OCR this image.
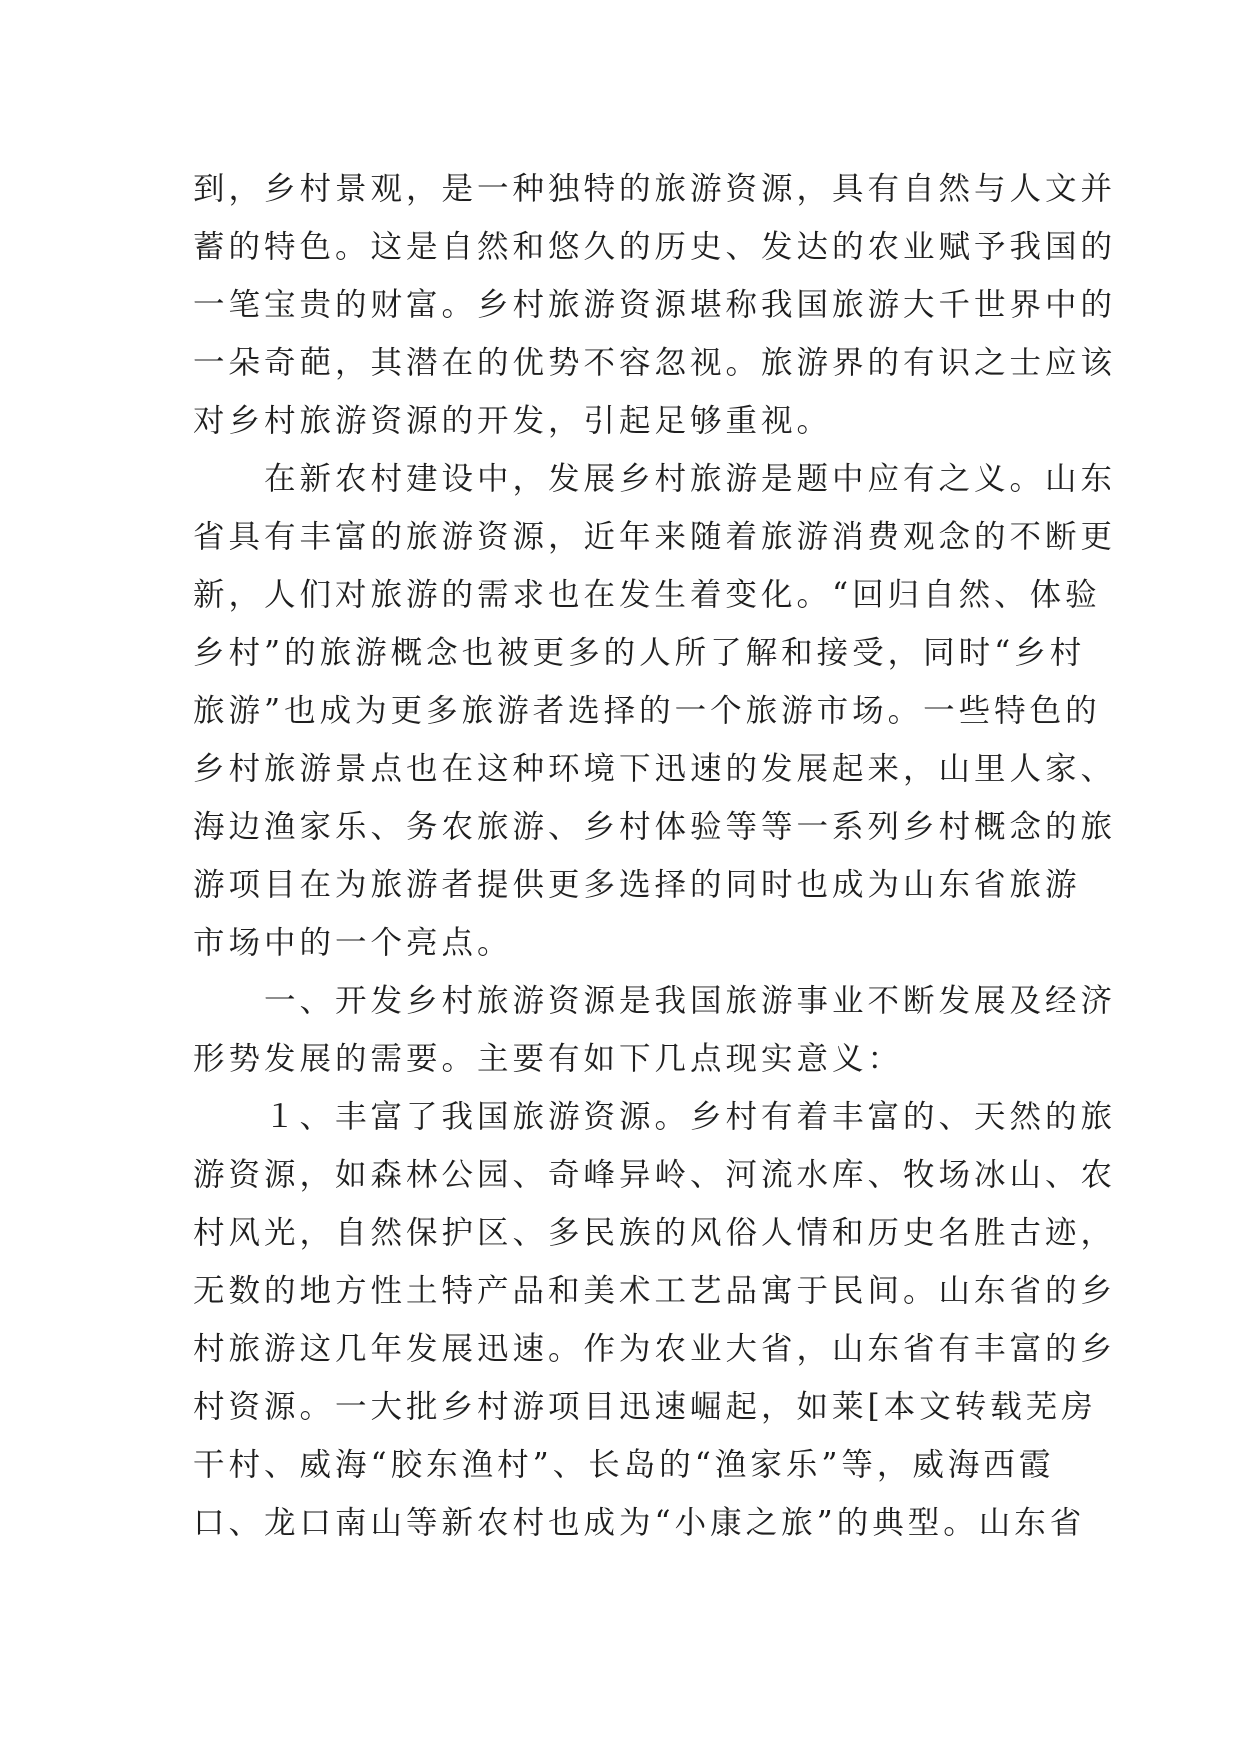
到，乡村景观，是一种独特的旅游资源，具有自然与人文并

蓄的特色。这是自然和悠久的历史、发达的农业赋予我国的

一笔宝贵的财富。乡村旅游资源堪称我国旅游大千世界中的

一朵奇葩，其潜在的优势不容忽视。旅游界的有识之士应该

对乡村旅游资源的开发，引起足够重视。

　　在新农村建设中，发展乡村旅游是题中应有之义。山东

省具有丰富的旅游资源，近年来随着旅游消费观念的不断更

新，人们对旅游的需求也在发生着变化。“回归自然、体验

乡村”的旅游概念也被更多的人所了解和接受，同时“乡村

旅游”也成为更多旅游者选择的一个旅游市场。一些特色的

乡村旅游景点也在这种环境下迅速的发展起来，山里人家、

海边渔家乐、务农旅游、乡村体验等等一系列乡村概念的旅

游项目在为旅游者提供更多选择的同时也成为山东省旅游

市场中的一个亮点。

　　一、开发乡村旅游资源是我国旅游事业不断发展及经济

形势发展的需要。主要有如下几点现实意义：

　　１、丰富了我国旅游资源。乡村有着丰富的、天然的旅

游资源，如森林公园、奇峰异岭、河流水库、牧场冰山、农

村风光，自然保护区、多民族的风俗人情和历史名胜古迹，

无数的地方性土特产品和美术工艺品寓于民间。山东省的乡

村旅游这几年发展迅速。作为农业大省，山东省有丰富的乡

村资源。一大批乡村游项目迅速崛起，如莱[本文转载芜房

干村、威海“胶东渔村”、长岛的“渔家乐”等，威海西霞

口、龙口南山等新农村也成为“小康之旅”的典型。山东省
